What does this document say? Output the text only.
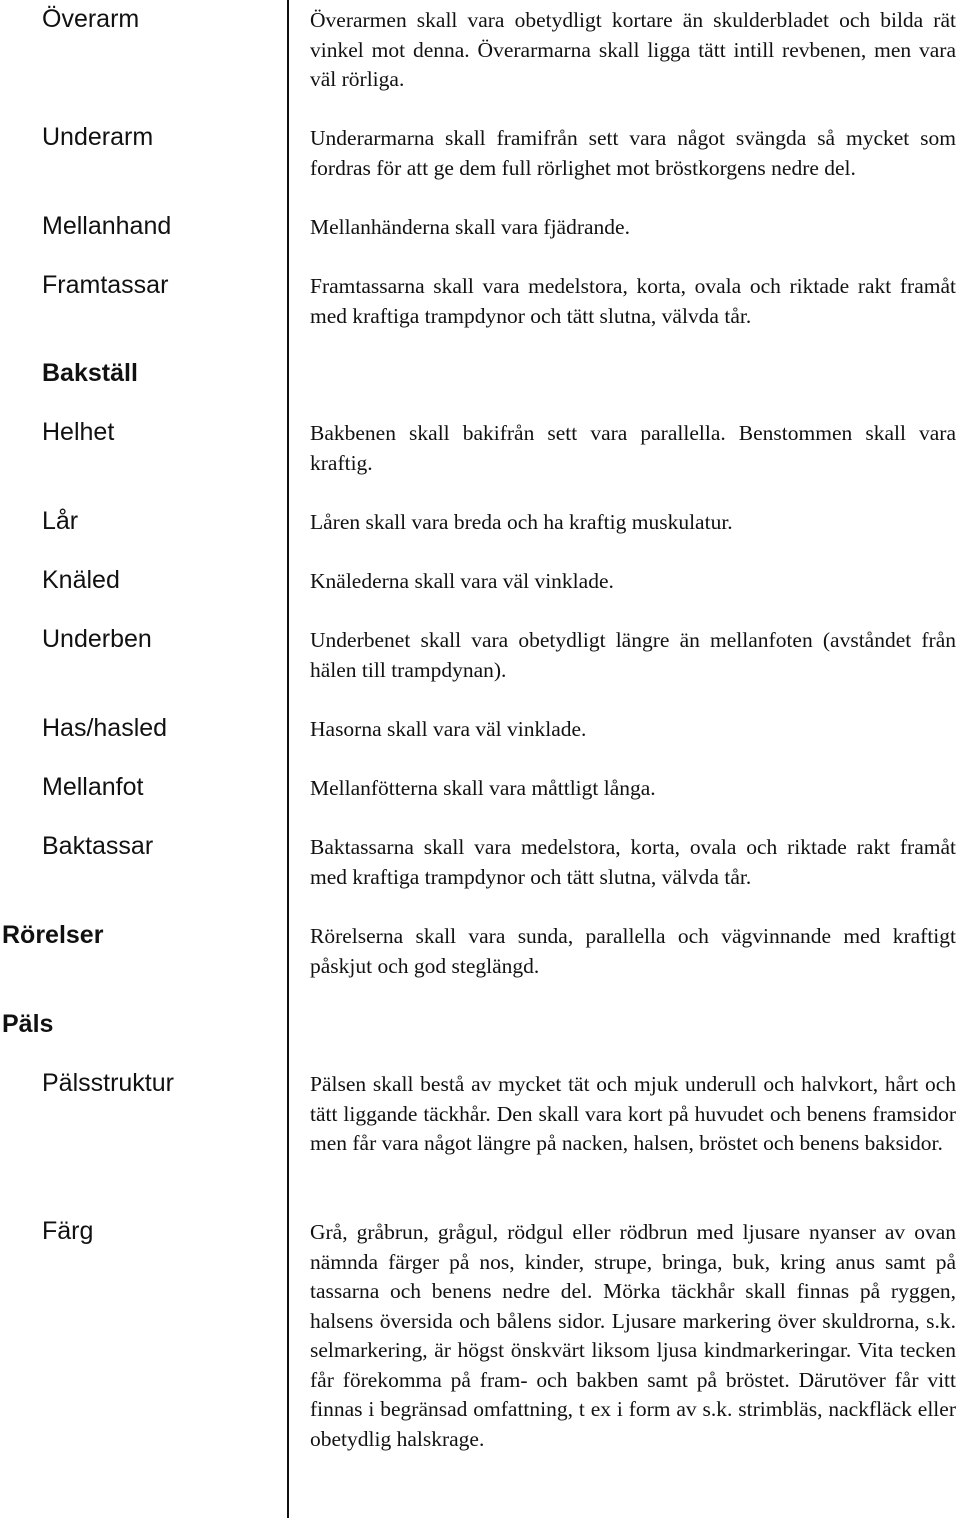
Överarm	Överarmen skall vara obetydligt kortare än skulderbladet och bilda rät vinkel mot denna. Överarmarna skall ligga tätt intill revbenen, men vara väl rörliga.
Underarm	Underarmarna skall framifrån sett vara något svängda så mycket som fordras för att ge dem full rörlighet mot bröstkorgens nedre del.
Mellanhand	Mellanhänderna skall vara fjädrande.
Framtassar	Framtassarna skall vara medelstora, korta, ovala och riktade rakt framåt med kraftiga trampdynor och tätt slutna, välvda tår.
Bakställ
Helhet	Bakbenen skall bakifrån sett vara parallella. Benstommen skall vara kraftig.
Lår	Låren skall vara breda och ha kraftig muskulatur.
Knäled	Knälederna skall vara väl vinklade.
Underben	Underbenet skall vara obetydligt längre än mellanfoten (avståndet från hälen till trampdynan).
Has/hasled	Hasorna skall vara väl vinklade.
Mellanfot	Mellanfötterna skall vara måttligt långa.
Baktassar	Baktassarna skall vara medelstora, korta, ovala och riktade rakt framåt med kraftiga trampdynor och tätt slutna, välvda tår.
Rörelser	Rörelserna skall vara sunda, parallella och vägvinnande med kraftigt påskjut och god steglängd.
Päls
Pälsstruktur	Pälsen skall bestå av mycket tät och mjuk underull och halvkort, hårt och tätt liggande täckhår. Den skall vara kort på huvudet och benens framsidor men får vara något längre på nacken, halsen, bröstet och benens baksidor.
Färg	Grå, gråbrun, grågul, rödgul eller rödbrun med ljusare nyanser av ovan nämnda färger på nos, kinder, strupe, bringa, buk, kring anus samt på tassarna och benens nedre del. Mörka täckhår skall finnas på ryggen, halsens översida och bålens sidor. Ljusare markering över skuldrorna, s.k. selmarkering, är högst önskvärt liksom ljusa kindmarkeringar. Vita tecken får förekomma på fram- och bakben samt på bröstet. Därutöver får vitt finnas i begränsad omfattning, t ex i form av s.k. strimbläs, nackfläck eller obetydlig halskrage.
